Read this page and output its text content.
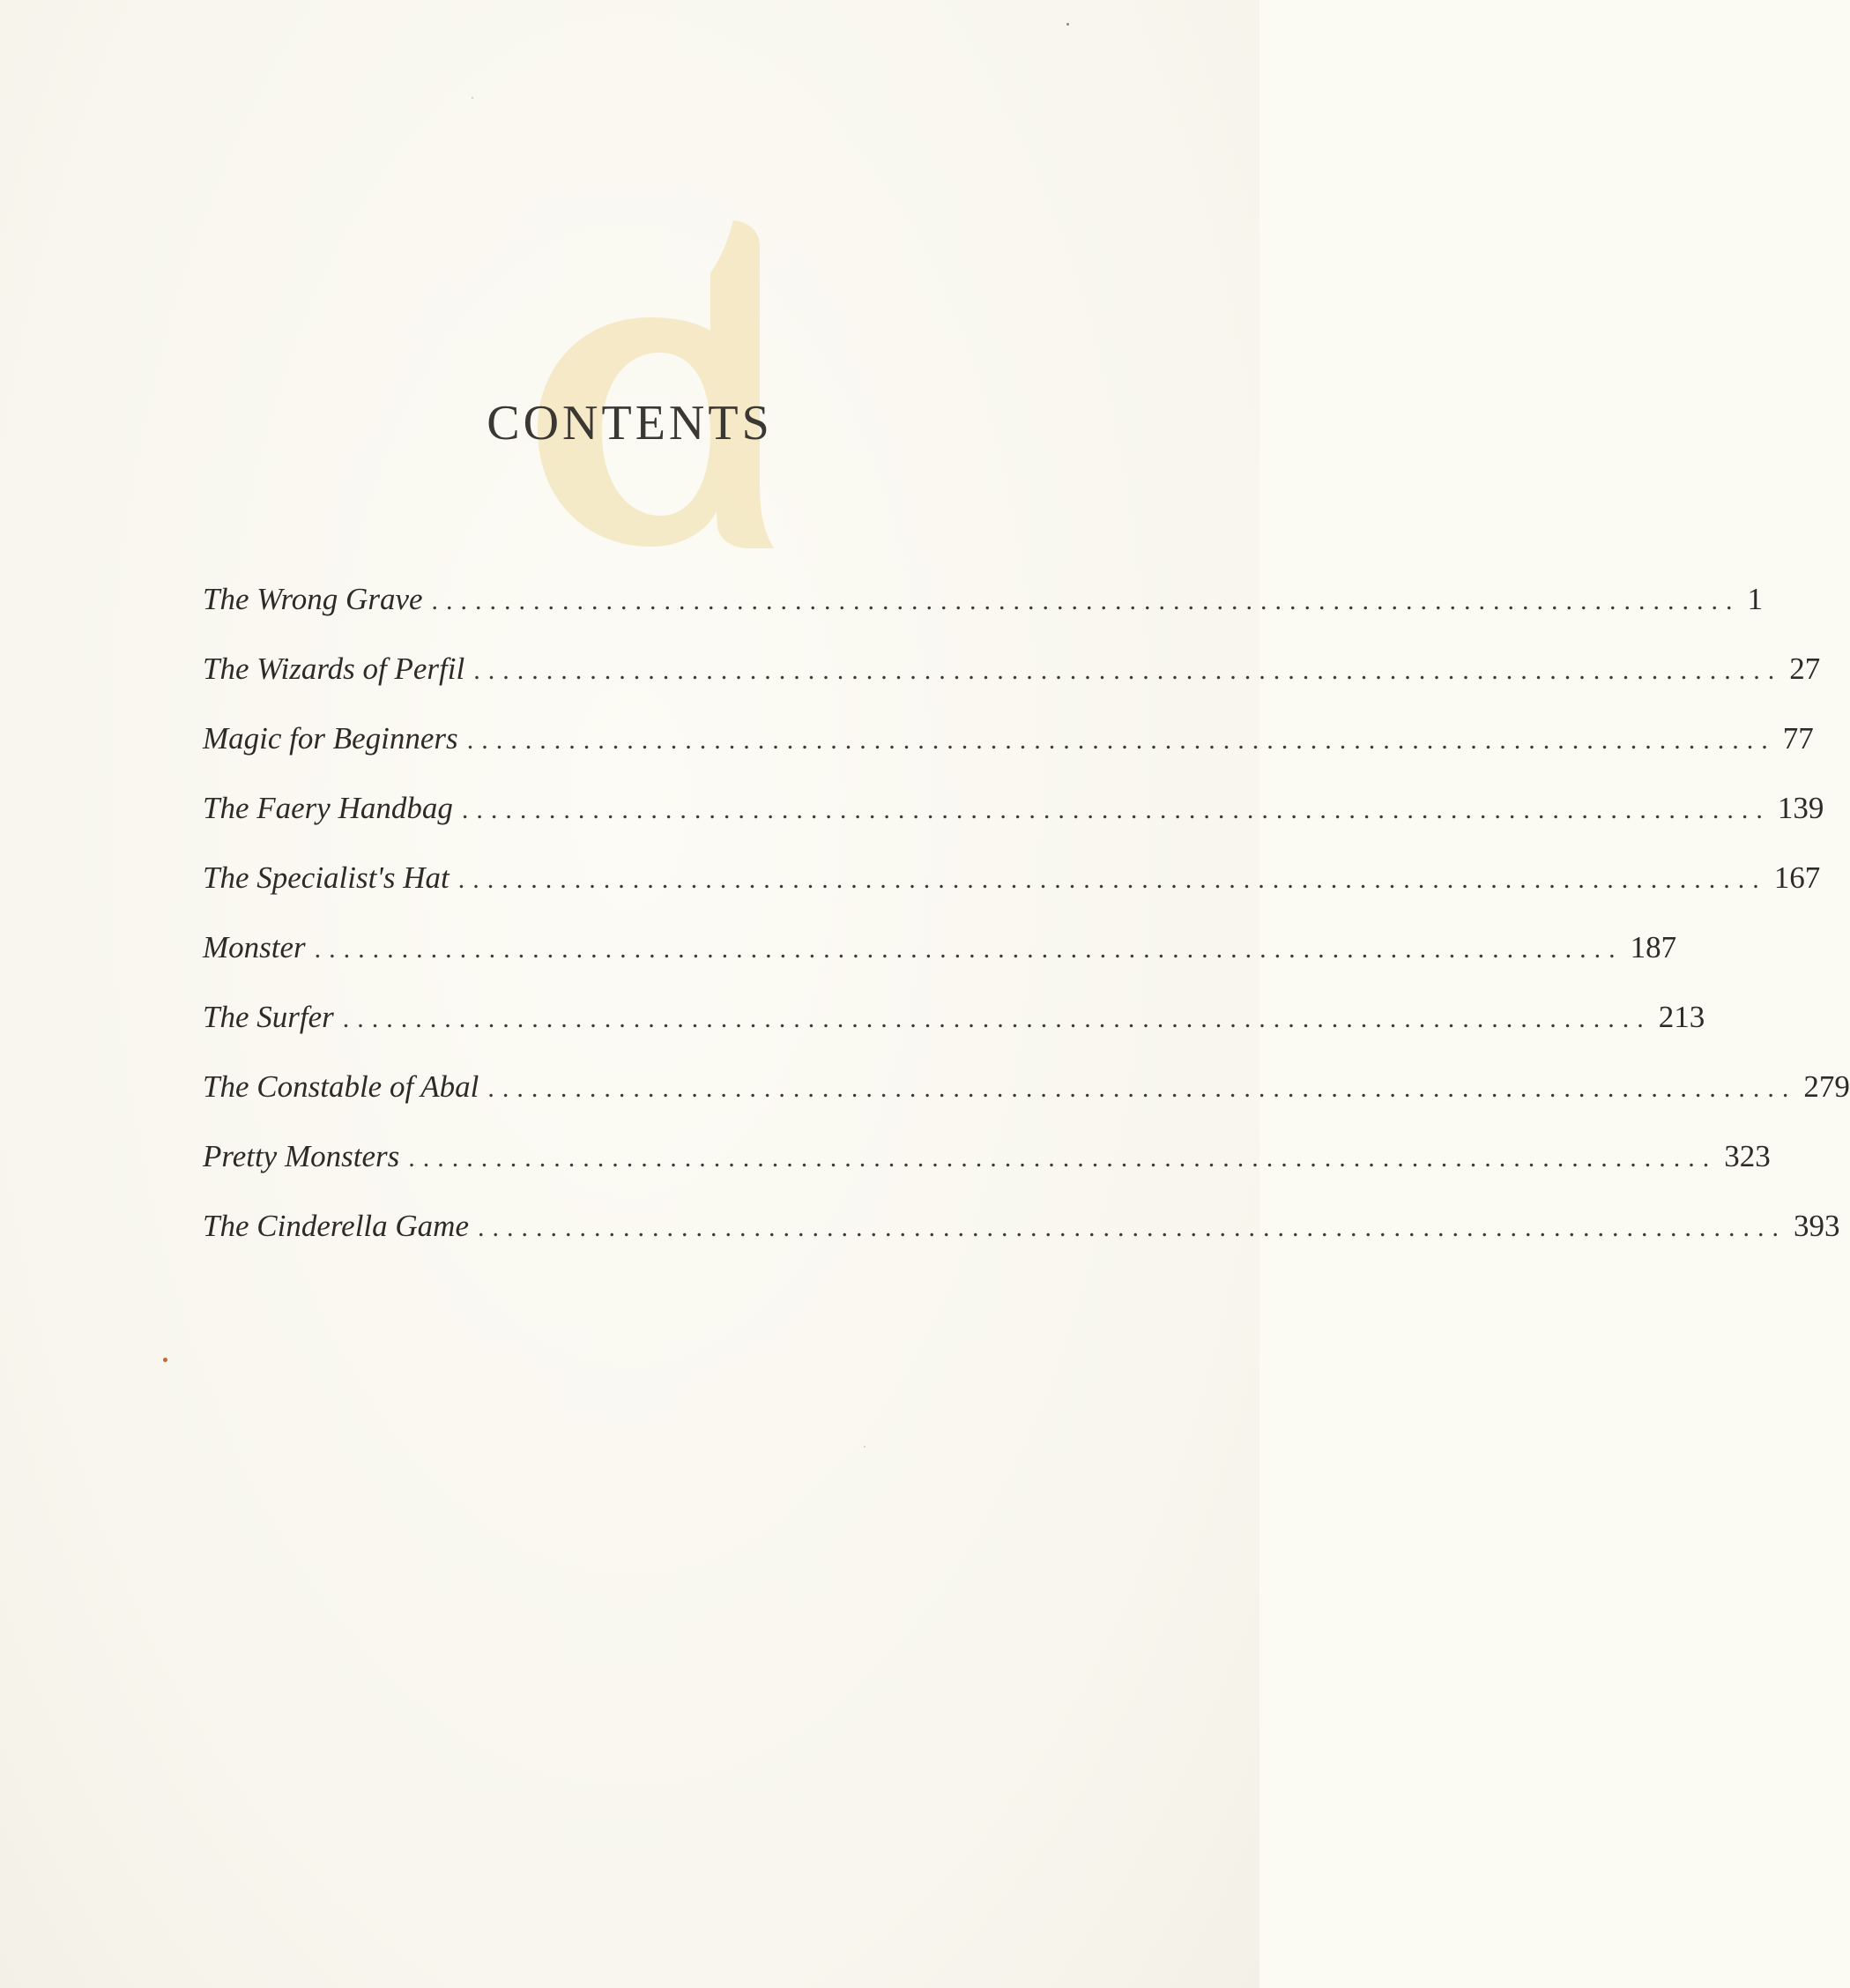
CONTENTS
The Wrong Grave .......................................................................................... 1
The Wizards of Perfil .......................................................................................... 27
Magic for Beginners .......................................................................................... 77
The Faery Handbag .......................................................................................... 139
The Specialist's Hat .......................................................................................... 167
Monster .......................................................................................... 187
The Surfer .......................................................................................... 213
The Constable of Abal .......................................................................................... 279
Pretty Monsters .......................................................................................... 323
The Cinderella Game .......................................................................................... 393
